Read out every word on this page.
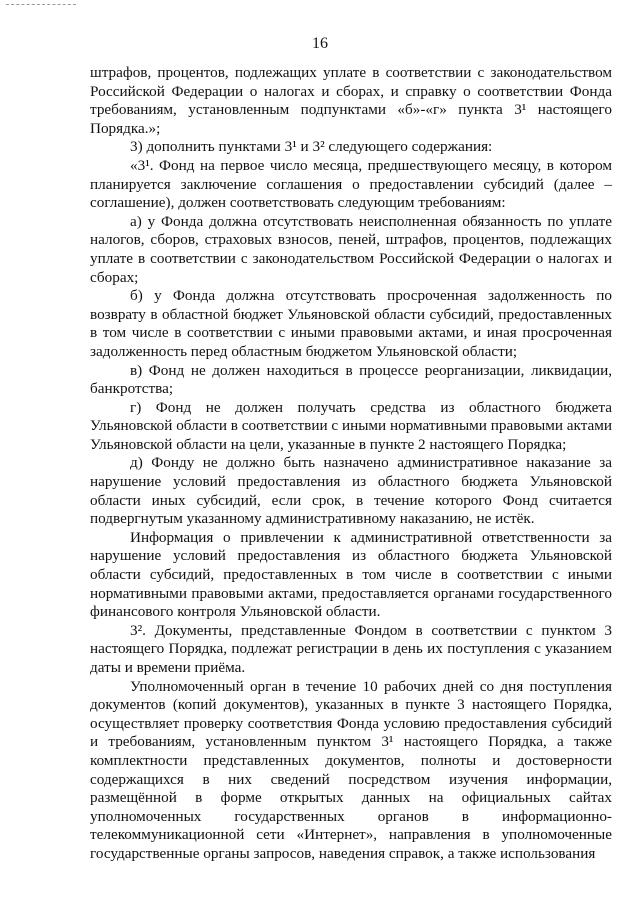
16

штрафов, процентов, подлежащих уплате в соответствии с законодательством Российской Федерации о налогах и сборах, и справку о соответствии Фонда требованиям, установленным подпунктами «б»-«г» пункта 3¹ настоящего Порядка.»;

3) дополнить пунктами 3¹ и 3² следующего содержания:

«3¹. Фонд на первое число месяца, предшествующего месяцу, в котором планируется заключение соглашения о предоставлении субсидий (далее – соглашение), должен соответствовать следующим требованиям:

а) у Фонда должна отсутствовать неисполненная обязанность по уплате налогов, сборов, страховых взносов, пеней, штрафов, процентов, подлежащих уплате в соответствии с законодательством Российской Федерации о налогах и сборах;

б) у Фонда должна отсутствовать просроченная задолженность по возврату в областной бюджет Ульяновской области субсидий, предоставленных в том числе в соответствии с иными правовыми актами, и иная просроченная задолженность перед областным бюджетом Ульяновской области;

в) Фонд не должен находиться в процессе реорганизации, ликвидации, банкротства;

г) Фонд не должен получать средства из областного бюджета Ульяновской области в соответствии с иными нормативными правовыми актами Ульяновской области на цели, указанные в пункте 2 настоящего Порядка;

д) Фонду не должно быть назначено административное наказание за нарушение условий предоставления из областного бюджета Ульяновской области иных субсидий, если срок, в течение которого Фонд считается подвергнутым указанному административному наказанию, не истёк.

Информация о привлечении к административной ответственности за нарушение условий предоставления из областного бюджета Ульяновской области субсидий, предоставленных в том числе в соответствии с иными нормативными правовыми актами, предоставляется органами государственного финансового контроля Ульяновской области.

3². Документы, представленные Фондом в соответствии с пунктом 3 настоящего Порядка, подлежат регистрации в день их поступления с указанием даты и времени приёма.

Уполномоченный орган в течение 10 рабочих дней со дня поступления документов (копий документов), указанных в пункте 3 настоящего Порядка, осуществляет проверку соответствия Фонда условию предоставления субсидий и требованиям, установленным пунктом 3¹ настоящего Порядка, а также комплектности представленных документов, полноты и достоверности содержащихся в них сведений посредством изучения информации, размещённой в форме открытых данных на официальных сайтах уполномоченных государственных органов в информационно-телекоммуникационной сети «Интернет», направления в уполномоченные государственные органы запросов, наведения справок, а также использования
